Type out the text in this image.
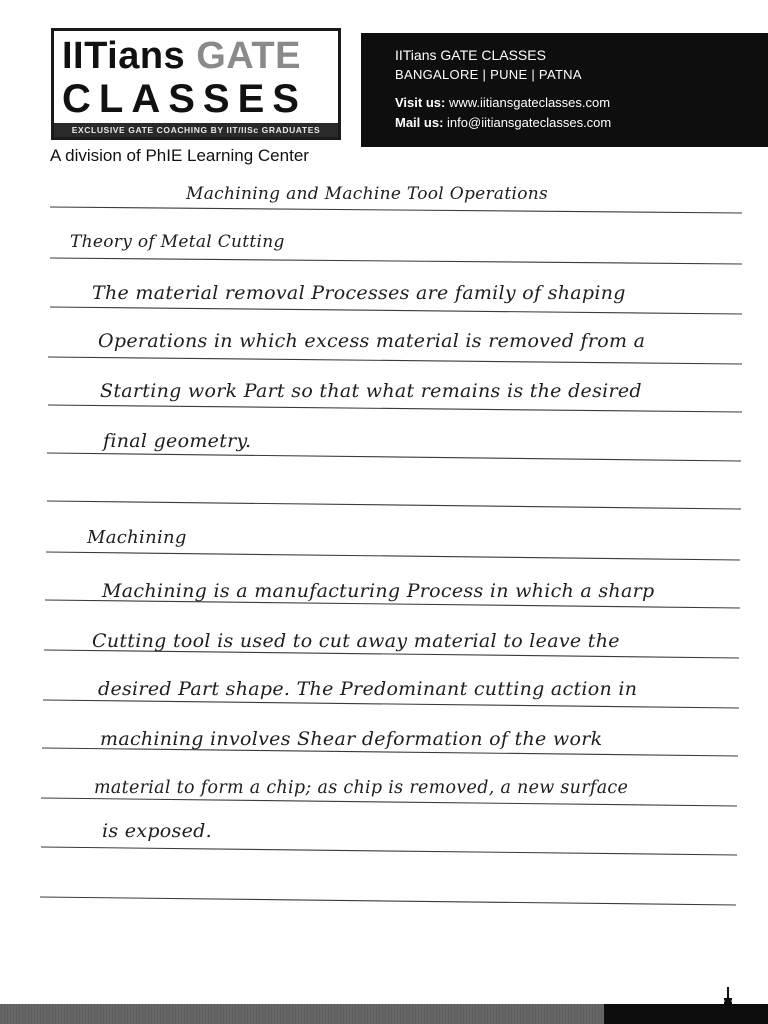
IITians GATE
CLASSES
EXCLUSIVE GATE COACHING BY IIT/IISc GRADUATES
A division of PhIE Learning Center
IITians GATE CLASSES
BANGALORE | PUNE | PATNA
Visit us: www.iitiansgateclasses.com
Mail us: info@iitiansgateclasses.com
Machining and Machine Tool Operations
Theory of Metal Cutting
The material removal Processes are family of shaping
Operations in which excess material is removed from a
Starting work Part so that what remains is the desired
final geometry.
Machining
Machining is a manufacturing Process in which a sharp
Cutting tool is used to cut away material to leave the
desired Part shape. The Predominant cutting action in
machining involves Shear deformation of the work
material to form a chip; as chip is removed, a new surface
is exposed.
